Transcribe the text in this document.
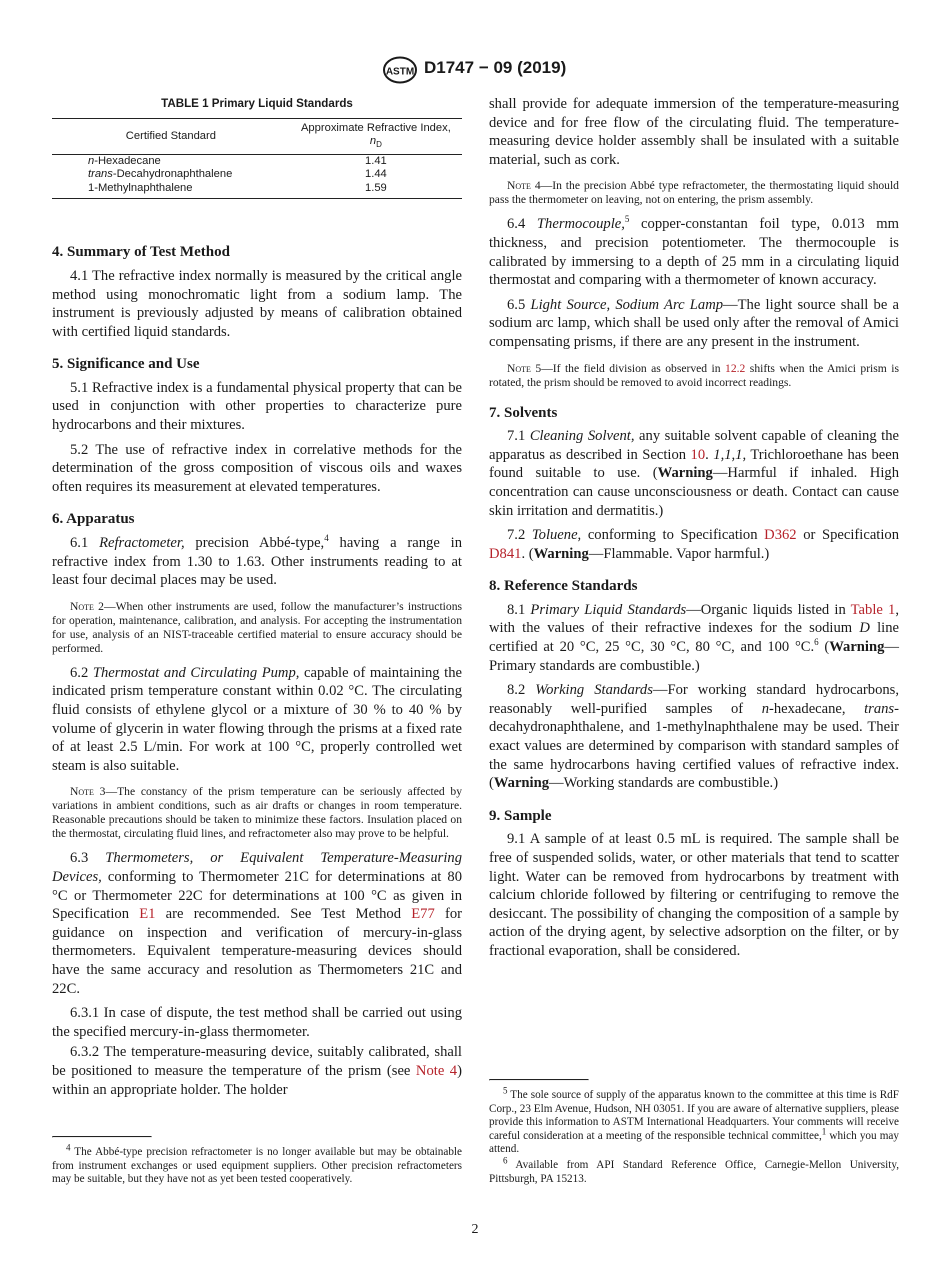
ASTM D1747 − 09 (2019)

TABLE 1 Primary Liquid Standards

Certified Standard	Approximate Refractive Index,
$n_D$
n-Hexadecane	1.41
trans-Decahydronaphthalene	1.44
1-Methylnaphthalene	1.59

4. Summary of Test Method

4.1 The refractive index normally is measured by the critical angle method using monochromatic light from a sodium lamp. The instrument is previously adjusted by means of calibration obtained with certified liquid standards.

5. Significance and Use

5.1 Refractive index is a fundamental physical property that can be used in conjunction with other properties to characterize pure hydrocarbons and their mixtures.

5.2 The use of refractive index in correlative methods for the determination of the gross composition of viscous oils and waxes often requires its measurement at elevated temperatures.

6. Apparatus

6.1 Refractometer, precision Abbé-type,$^4$ having a range in refractive index from 1.30 to 1.63. Other instruments reading to at least four decimal places may be used.

Note 2—When other instruments are used, follow the manufacturer’s instructions for operation, maintenance, calibration, and analysis. For accepting the instrumentation for use, analysis of an NIST-traceable certified material to ensure accuracy should be performed.

6.2 Thermostat and Circulating Pump, capable of maintaining the indicated prism temperature constant within 0.02 °C. The circulating fluid consists of ethylene glycol or a mixture of 30 % to 40 % by volume of glycerin in water flowing through the prisms at a fixed rate of at least 2.5 L/min. For work at 100 °C, properly controlled wet steam is also suitable.

Note 3—The constancy of the prism temperature can be seriously affected by variations in ambient conditions, such as air drafts or changes in room temperature. Reasonable precautions should be taken to minimize these factors. Insulation placed on the thermostat, circulating fluid lines, and refractometer also may prove to be helpful.

6.3 Thermometers, or Equivalent Temperature-Measuring Devices, conforming to Thermometer 21C for determinations at 80 °C or Thermometer 22C for determinations at 100 °C as given in Specification E1 are recommended. See Test Method E77 for guidance on inspection and verification of mercury-in-glass thermometers. Equivalent temperature-measuring devices should have the same accuracy and resolution as Thermometers 21C and 22C.

6.3.1 In case of dispute, the test method shall be carried out using the specified mercury-in-glass thermometer.

6.3.2 The temperature-measuring device, suitably calibrated, shall be positioned to measure the temperature of the prism (see Note 4) within an appropriate holder. The holder

$^4$ The Abbé-type precision refractometer is no longer available but may be obtainable from instrument exchanges or used equipment suppliers. Other precision refractometers may be suitable, but they have not as yet been tested cooperatively.

shall provide for adequate immersion of the temperature-measuring device and for free flow of the circulating fluid. The temperature-measuring device holder assembly shall be insulated with a suitable material, such as cork.

Note 4—In the precision Abbé type refractometer, the thermostating liquid should pass the thermometer on leaving, not on entering, the prism assembly.

6.4 Thermocouple,$^5$ copper-constantan foil type, 0.013 mm thickness, and precision potentiometer. The thermocouple is calibrated by immersing to a depth of 25 mm in a circulating liquid thermostat and comparing with a thermometer of known accuracy.

6.5 Light Source, Sodium Arc Lamp—The light source shall be a sodium arc lamp, which shall be used only after the removal of Amici compensating prisms, if there are any present in the instrument.

Note 5—If the field division as observed in 12.2 shifts when the Amici prism is rotated, the prism should be removed to avoid incorrect readings.

7. Solvents

7.1 Cleaning Solvent, any suitable solvent capable of cleaning the apparatus as described in Section 10. 1,1,1, Trichloroethane has been found suitable to use. (Warning—Harmful if inhaled. High concentration can cause unconsciousness or death. Contact can cause skin irritation and dermatitis.)

7.2 Toluene, conforming to Specification D362 or Specification D841. (Warning—Flammable. Vapor harmful.)

8. Reference Standards

8.1 Primary Liquid Standards—Organic liquids listed in Table 1, with the values of their refractive indexes for the sodium D line certified at 20 °C, 25 °C, 30 °C, 80 °C, and 100 °C.$^6$ (Warning—Primary standards are combustible.)

8.2 Working Standards—For working standard hydrocarbons, reasonably well-purified samples of n-hexadecane, trans-decahydronaphthalene, and 1-methylnaphthalene may be used. Their exact values are determined by comparison with standard samples of the same hydrocarbons having certified values of refractive index. (Warning—Working standards are combustible.)

9. Sample

9.1 A sample of at least 0.5 mL is required. The sample shall be free of suspended solids, water, or other materials that tend to scatter light. Water can be removed from hydrocarbons by treatment with calcium chloride followed by filtering or centrifuging to remove the desiccant. The possibility of changing the composition of a sample by action of the drying agent, by selective adsorption on the filter, or by fractional evaporation, shall be considered.

$^5$ The sole source of supply of the apparatus known to the committee at this time is RdF Corp., 23 Elm Avenue, Hudson, NH 03051. If you are aware of alternative suppliers, please provide this information to ASTM International Headquarters. Your comments will receive careful consideration at a meeting of the responsible technical committee,$^1$ which you may attend.

$^6$ Available from API Standard Reference Office, Carnegie-Mellon University, Pittsburgh, PA 15213.

2
